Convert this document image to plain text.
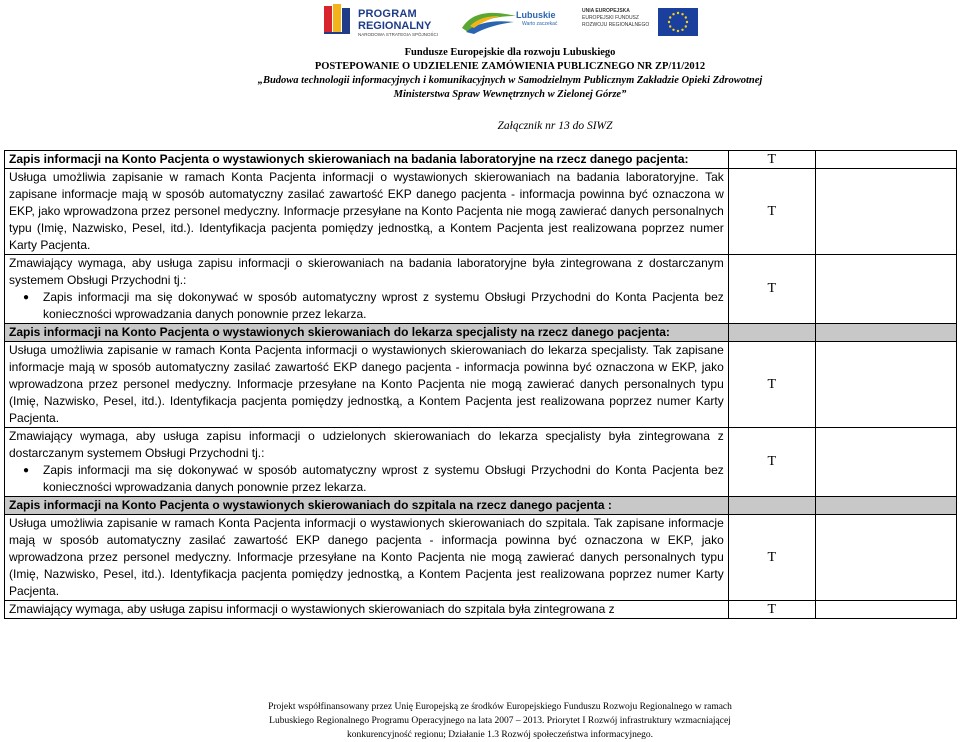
PROGRAM
REGIONALNY
NARODOWA STRATEGIA SPÓJNOŚCI
Lubuskie
Warto zaczekać
UNIA EUROPEJSKA
EUROPEJSKI FUNDUSZ
ROZWOJU REGIONALNEGO
Fundusze Europejskie dla rozwoju Lubuskiego
POSTEPOWANIE O UDZIELENIE ZAMÓWIENIA PUBLICZNEGO NR ZP/11/2012
„Budowa technologii informacyjnych i komunikacyjnych w Samodzielnym Publicznym Zakładzie Opieki Zdrowotnej
Ministerstwa Spraw Wewnętrznych w Zielonej Górze”
Załącznik nr 13 do SIWZ
Zapis informacji na Konto Pacjenta o wystawionych skierowaniach na badania laboratoryjne na rzecz danego pacjenta:	T	
Usługa umożliwia zapisanie w ramach Konta Pacjenta informacji o wystawionych skierowaniach na badania laboratoryjne. Tak zapisane informacje mają w sposób automatyczny zasilać zawartość EKP danego pacjenta - informacja powinna być oznaczona w EKP, jako wprowadzona przez personel medyczny. Informacje przesyłane na Konto Pacjenta nie mogą zawierać danych personalnych typu (Imię, Nazwisko, Pesel, itd.). Identyfikacja pacjenta pomiędzy jednostką, a Kontem Pacjenta jest realizowana poprzez numer Karty Pacjenta.	T	

Zmawiający wymaga, aby usługa zapisu informacji o skierowaniach na badania laboratoryjne była zintegrowana z dostarczanym systemem Obsługi Przychodni tj.:
● Zapis informacji ma się dokonywać w sposób automatyczny wprost z systemu Obsługi Przychodni do Konta Pacjenta bez konieczności wprowadzania danych ponownie przez lekarza.	T	
Zapis informacji na Konto Pacjenta o wystawionych skierowaniach do lekarza specjalisty na rzecz danego pacjenta:		
Usługa umożliwia zapisanie w ramach Konta Pacjenta informacji o wystawionych skierowaniach do lekarza specjalisty. Tak zapisane informacje mają w sposób automatyczny zasilać zawartość EKP danego pacjenta - informacja powinna być oznaczona w EKP, jako wprowadzona przez personel medyczny. Informacje przesyłane na Konto Pacjenta nie mogą zawierać danych personalnych typu (Imię, Nazwisko, Pesel, itd.). Identyfikacja pacjenta pomiędzy jednostką, a Kontem Pacjenta jest realizowana poprzez numer Karty Pacjenta.	T	

Zmawiający wymaga, aby usługa zapisu informacji o udzielonych skierowaniach do lekarza specjalisty była zintegrowana z dostarczanym systemem Obsługi Przychodni tj.:
● Zapis informacji ma się dokonywać w sposób automatyczny wprost z systemu Obsługi Przychodni do Konta Pacjenta bez konieczności wprowadzania danych ponownie przez lekarza.	T	
Zapis informacji na Konto Pacjenta o wystawionych skierowaniach do szpitala na rzecz danego pacjenta :		
Usługa umożliwia zapisanie w ramach Konta Pacjenta informacji o wystawionych skierowaniach do szpitala. Tak zapisane informacje mają w sposób automatyczny zasilać zawartość EKP danego pacjenta - informacja powinna być oznaczona w EKP, jako wprowadzona przez personel medyczny. Informacje przesyłane na Konto Pacjenta nie mogą zawierać danych personalnych typu (Imię, Nazwisko, Pesel, itd.). Identyfikacja pacjenta pomiędzy jednostką, a Kontem Pacjenta jest realizowana poprzez numer Karty Pacjenta.	T	
Zmawiający wymaga, aby usługa zapisu informacji o wystawionych skierowaniach do szpitala była zintegrowana z	T	
Projekt współfinansowany przez Unię Europejską ze środków Europejskiego Funduszu Rozwoju Regionalnego w ramach
Lubuskiego Regionalnego Programu Operacyjnego na lata 2007 – 2013. Priorytet I Rozwój infrastruktury wzmacniającej
konkurencyjność regionu; Działanie 1.3 Rozwój społeczeństwa informacyjnego.
